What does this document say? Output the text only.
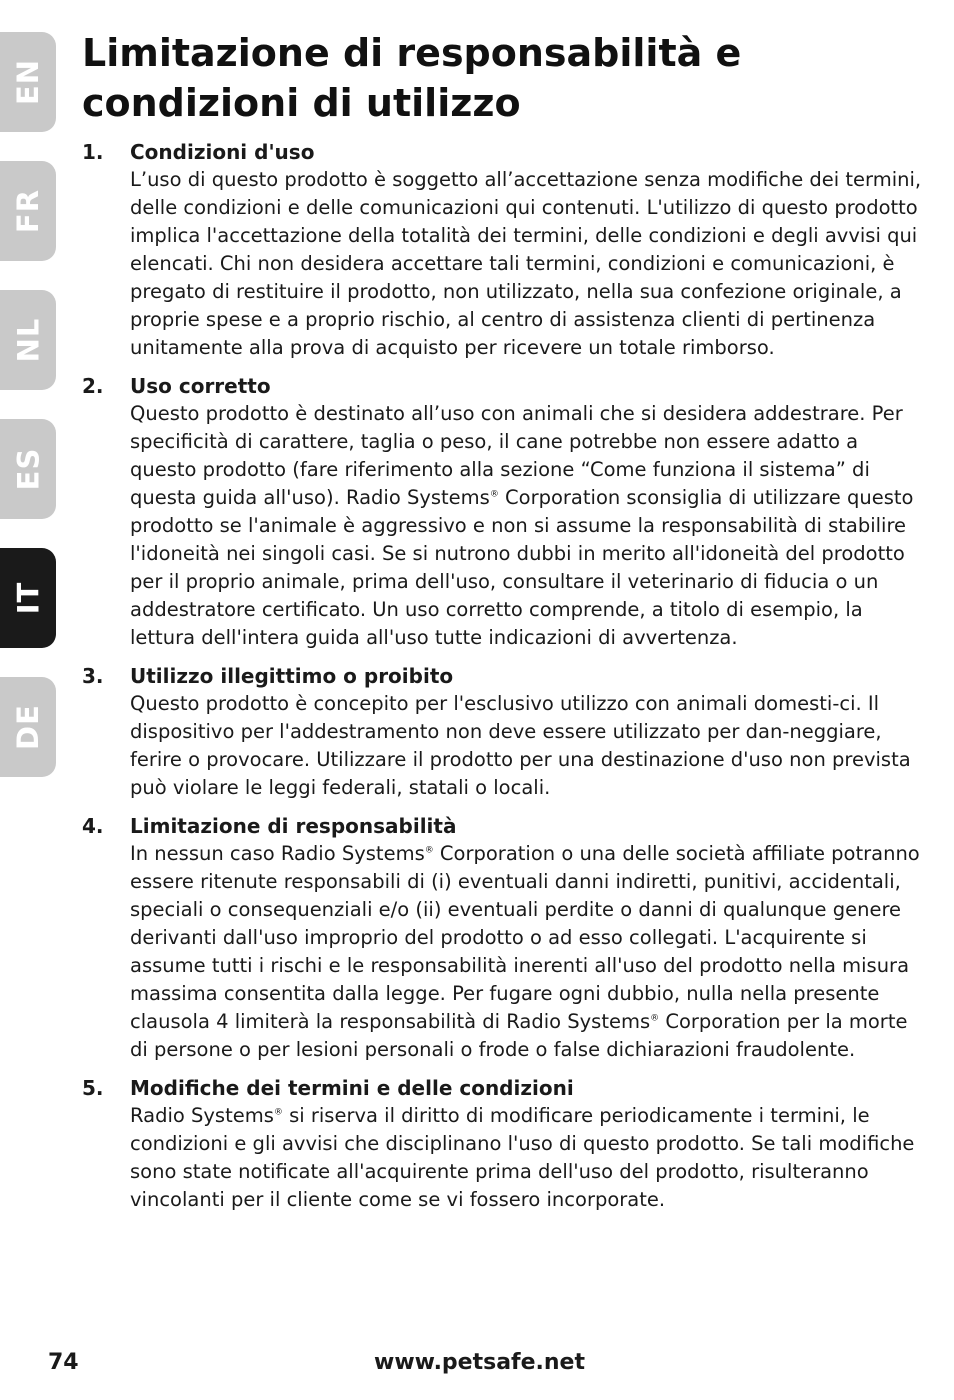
EN
FR
NL
ES
IT
DE
Limitazione di responsabilità e condizioni di utilizzo
1.	Condizioni d'uso
L’uso di questo prodotto è soggetto all’accettazione senza modifiche dei termini, delle condizioni e delle comunicazioni qui contenuti. L'utilizzo di questo prodotto implica l'accettazione della totalità dei termini, delle condizioni e degli avvisi qui elencati. Chi non desidera accettare tali termini, condizioni e comunicazioni, è pregato di restituire il prodotto, non utilizzato, nella sua confezione originale, a proprie spese e a proprio rischio, al centro di assistenza clienti di pertinenza unitamente alla prova di acquisto per ricevere un totale rimborso.
2.	Uso corretto
Questo prodotto è destinato all’uso con animali che si desidera addestrare. Per specificità di carattere, taglia o peso, il cane potrebbe non essere adatto a questo prodotto (fare riferimento alla sezione “Come funziona il sistema” di questa guida all'uso). Radio Systems® Corporation sconsiglia di utilizzare questo prodotto se l'animale è aggressivo e non si assume la responsabilità di stabilire l'idoneità nei singoli casi. Se si nutrono dubbi in merito all'idoneità del prodotto per il proprio animale, prima dell'uso, consultare il veterinario di fiducia o un addestratore certificato. Un uso corretto comprende, a titolo di esempio, la lettura dell'intera guida all'uso tutte indicazioni di avvertenza.
3.	Utilizzo illegittimo o proibito
Questo prodotto è concepito per l'esclusivo utilizzo con animali domesti-ci. Il dispositivo per l'addestramento non deve essere utilizzato per dan-neggiare, ferire o provocare. Utilizzare il prodotto per una destinazione d'uso non prevista può violare le leggi federali, statali o locali.
4.	Limitazione di responsabilità
In nessun caso Radio Systems® Corporation o una delle società affiliate potranno essere ritenute responsabili di (i) eventuali danni indiretti, punitivi, accidentali, speciali o consequenziali e/o (ii) eventuali perdite o danni di qualunque genere derivanti dall'uso improprio del prodotto o ad esso collegati. L'acquirente si assume tutti i rischi e le responsabilità inerenti all'uso del prodotto nella misura massima consentita dalla legge. Per fugare ogni dubbio, nulla nella presente clausola 4 limiterà la responsabilità di Radio Systems® Corporation per la morte di persone o per lesioni personali o frode o false dichiarazioni fraudolente.
5.	Modifiche dei termini e delle condizioni
Radio Systems® si riserva il diritto di modificare periodicamente i termini, le condizioni e gli avvisi che disciplinano l'uso di questo prodotto. Se tali modifiche sono state notificate all'acquirente prima dell'uso del prodotto, risulteranno vincolanti per il cliente come se vi fossero incorporate.
74	www.petsafe.net
